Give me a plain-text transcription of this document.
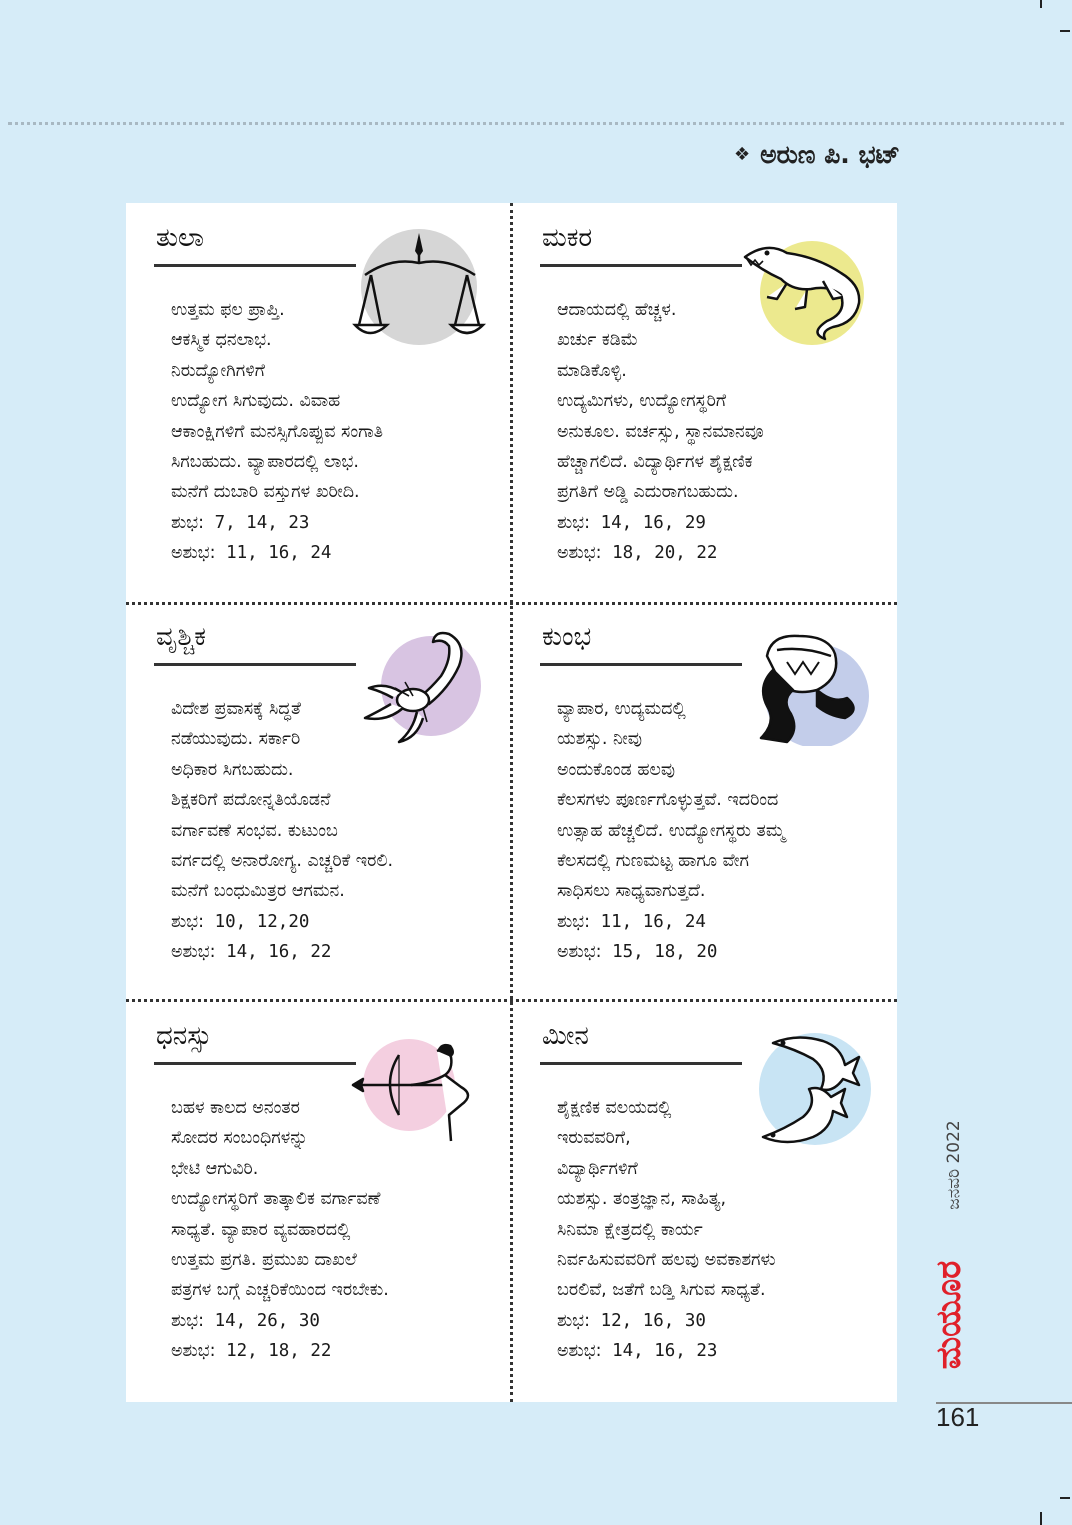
❖ ಅರುಣ ಪಿ. ಭಟ್
ತುಲಾ
ಉತ್ತಮ ಫಲ ಪ್ರಾಪ್ತಿ.
ಆಕಸ್ಮಿಕ ಧನಲಾಭ.
ನಿರುದ್ಯೋಗಿಗಳಿಗೆ
ಉದ್ಯೋಗ ಸಿಗುವುದು. ವಿವಾಹ
ಆಕಾಂಕ್ಷಿಗಳಿಗೆ ಮನಸ್ಸಿಗೊಪ್ಪುವ ಸಂಗಾತಿ
ಸಿಗಬಹುದು. ವ್ಯಾಪಾರದಲ್ಲಿ ಲಾಭ.
ಮನೆಗೆ ದುಬಾರಿ ವಸ್ತುಗಳ ಖರೀದಿ.
ಶುಭ: 7, 14, 23
ಅಶುಭ: 11, 16, 24
ಮಕರ
ಆದಾಯದಲ್ಲಿ ಹೆಚ್ಚಳ.
ಖರ್ಚು ಕಡಿಮೆ
ಮಾಡಿಕೊಳ್ಳಿ.
ಉದ್ಯಮಿಗಳು, ಉದ್ಯೋಗಸ್ಥರಿಗೆ
ಅನುಕೂಲ. ವರ್ಚಸ್ಸು, ಸ್ಥಾನಮಾನವೂ
ಹೆಚ್ಚಾಗಲಿದೆ. ವಿದ್ಯಾರ್ಥಿಗಳ ಶೈಕ್ಷಣಿಕ
ಪ್ರಗತಿಗೆ ಅಡ್ಡಿ ಎದುರಾಗಬಹುದು.
ಶುಭ: 14, 16, 29
ಅಶುಭ: 18, 20, 22
ವೃಶ್ಚಿಕ
ವಿದೇಶ ಪ್ರವಾಸಕ್ಕೆ ಸಿದ್ಧತೆ
ನಡೆಯುವುದು. ಸರ್ಕಾರಿ
ಅಧಿಕಾರ ಸಿಗಬಹುದು.
ಶಿಕ್ಷಕರಿಗೆ ಪದೋನ್ನತಿಯೊಡನೆ
ವರ್ಗಾವಣೆ ಸಂಭವ. ಕುಟುಂಬ
ವರ್ಗದಲ್ಲಿ ಅನಾರೋಗ್ಯ. ಎಚ್ಚರಿಕೆ ಇರಲಿ.
ಮನೆಗೆ ಬಂಧುಮಿತ್ರರ ಆಗಮನ.
ಶುಭ: 10, 12,20
ಅಶುಭ: 14, 16, 22
ಕುಂಭ
ವ್ಯಾಪಾರ, ಉದ್ಯಮದಲ್ಲಿ
ಯಶಸ್ಸು. ನೀವು
ಅಂದುಕೊಂಡ ಹಲವು
ಕೆಲಸಗಳು ಪೂರ್ಣಗೊಳ್ಳುತ್ತವೆ. ಇದರಿಂದ
ಉತ್ಸಾಹ ಹೆಚ್ಚಲಿದೆ. ಉದ್ಯೋಗಸ್ಥರು ತಮ್ಮ
ಕೆಲಸದಲ್ಲಿ ಗುಣಮಟ್ಟ ಹಾಗೂ ವೇಗ
ಸಾಧಿಸಲು ಸಾಧ್ಯವಾಗುತ್ತದೆ.
ಶುಭ: 11, 16, 24
ಅಶುಭ: 15, 18, 20
ಧನಸ್ಸು
ಬಹಳ ಕಾಲದ ಅನಂತರ
ಸೋದರ ಸಂಬಂಧಿಗಳನ್ನು
ಭೇಟಿ ಆಗುವಿರಿ.
ಉದ್ಯೋಗಸ್ಥರಿಗೆ ತಾತ್ಕಾಲಿಕ ವರ್ಗಾವಣೆ
ಸಾಧ್ಯತೆ. ವ್ಯಾಪಾರ ವ್ಯವಹಾರದಲ್ಲಿ
ಉತ್ತಮ ಪ್ರಗತಿ. ಪ್ರಮುಖ ದಾಖಲೆ
ಪತ್ರಗಳ ಬಗ್ಗೆ ಎಚ್ಚರಿಕೆಯಿಂದ ಇರಬೇಕು.
ಶುಭ: 14, 26, 30
ಅಶುಭ: 12, 18, 22
ಮೀನ
ಶೈಕ್ಷಣಿಕ ವಲಯದಲ್ಲಿ
ಇರುವವರಿಗೆ,
ವಿದ್ಯಾರ್ಥಿಗಳಿಗೆ
ಯಶಸ್ಸು. ತಂತ್ರಜ್ಞಾನ, ಸಾಹಿತ್ಯ,
ಸಿನಿಮಾ ಕ್ಷೇತ್ರದಲ್ಲಿ ಕಾರ್ಯ
ನಿರ್ವಹಿಸುವವರಿಗೆ ಹಲವು ಅವಕಾಶಗಳು
ಬರಲಿವೆ, ಜತೆಗೆ ಬಡ್ತಿ ಸಿಗುವ ಸಾಧ್ಯತೆ.
ಶುಭ: 12, 16, 30
ಅಶುಭ: 14, 16, 23
ಜನವರಿ 2022
ಮಯೂರ
161
